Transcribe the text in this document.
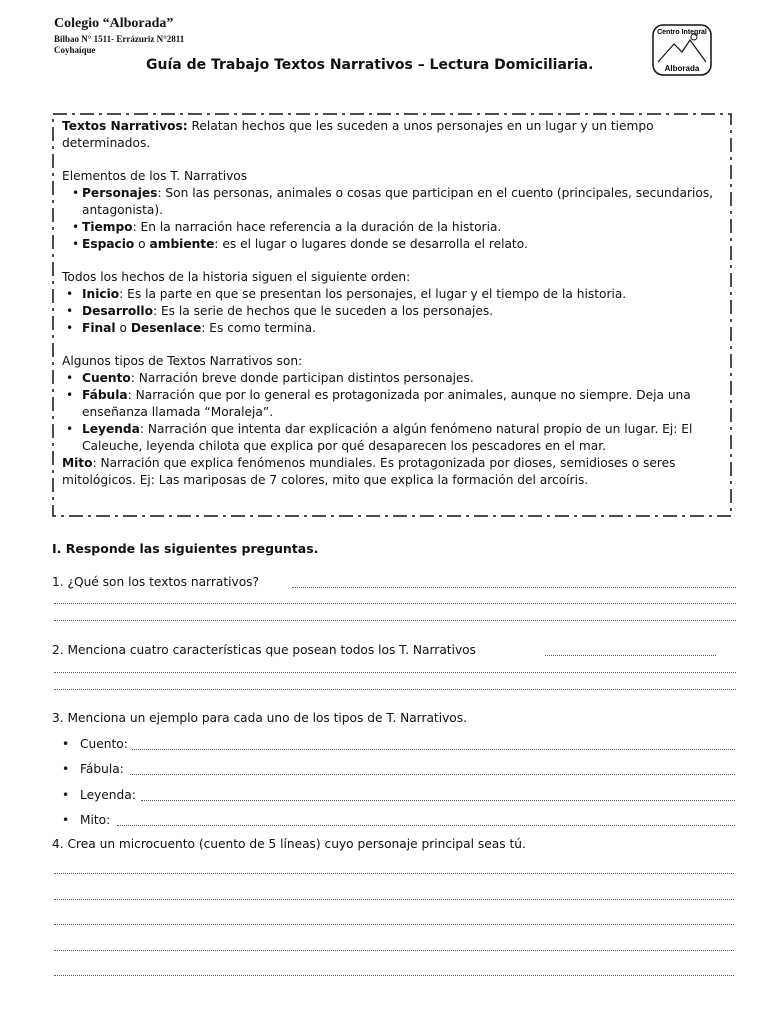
Colegio “Alborada”
Bilbao N° 1511- Errázuriz N°2811
Coyhaíque
Guía de Trabajo Textos Narrativos – Lectura Domiciliaria.
Centro Integral
Alborada

Textos Narrativos: Relatan hechos que les suceden a unos personajes en un lugar y un tiempo determinados.

Elementos de los T. Narrativos

• Personajes: Son las personas, animales o cosas que participan en el cuento (principales, secundarios, antagonista).

• Tiempo: En la narración hace referencia a la duración de la historia.

• Espacio o ambiente: es el lugar o lugares donde se desarrolla el relato.

Todos los hechos de la historia siguen el siguiente orden:

• Inicio: Es la parte en que se presentan los personajes, el lugar y el tiempo de la historia.

• Desarrollo: Es la serie de hechos que le suceden a los personajes.

• Final o Desenlace: Es como termina.

Algunos tipos de Textos Narrativos son:

• Cuento: Narración breve donde participan distintos personajes.

• Fábula: Narración que por lo general es protagonizada por animales, aunque no siempre. Deja una enseñanza llamada “Moraleja”.

• Leyenda: Narración que intenta dar explicación a algún fenómeno natural propio de un lugar. Ej: El Caleuche, leyenda chilota que explica por qué desaparecen los pescadores en el mar.

Mito: Narración que explica fenómenos mundiales. Es protagonizada por dioses, semidioses o seres mitológicos. Ej: Las mariposas de 7 colores, mito que explica la formación del arcoíris.

I. Responde las siguientes preguntas.
1. ¿Qué son los textos narrativos?
2. Menciona cuatro características que posean todos los T. Narrativos
3. Menciona un ejemplo para cada uno de los tipos de T. Narrativos.
• Cuento:
• Fábula:
• Leyenda:
• Mito:
4. Crea un microcuento (cuento de 5 líneas) cuyo personaje principal seas tú.
